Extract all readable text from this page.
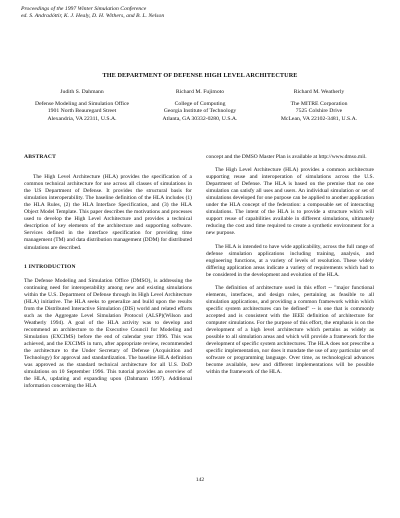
Proceedings of the 1997 Winter Simulation Conference
ed. S. Andradóttir, K. J. Healy, D. H. Withers, and B. L. Nelson
THE DEPARTMENT OF DEFENSE HIGH LEVEL ARCHITECTURE
Judith S. Dahmann
Defense Modeling and Simulation Office
1901 North Beauregard Street
Alexandria, VA 22311, U.S.A.
Richard M. Fujimoto
College of Computing
Georgia Institute of Technology
Atlanta, GA 30332-0280, U.S.A.
Richard M. Weatherly
The MITRE Corporation
7525 Colshire Drive
McLean, VA 22102-3481, U.S.A.
ABSTRACT

The High Level Architecture (HLA) provides the specification of a common technical architecture for use across all classes of simulations in the US Department of Defense. It provides the structural basis for simulation interoperability. The baseline definition of the HLA includes (1) the HLA Rules, (2) the HLA Interface Specification, and (3) the HLA Object Model Template. This paper describes the motivations and processes used to develop the High Level Architecture and provides a technical description of key elements of the architecture and supporting software. Services defined in the interface specification for providing time management (TM) and data distribution management (DDM) for distributed simulations are described.

1 INTRODUCTION

The Defense Modeling and Simulation Office (DMSO), is addressing the continuing need for interoperability among new and existing simulations within the U.S. Department of Defense through its High Level Architecture (HLA) initiative. The HLA seeks to generalize and build upon the results from the Distributed Interactive Simulation (DIS) world and related efforts such as the Aggregate Level Simulation Protocol (ALSP)(Wilson and Weatherly 1994). A goal of the HLA activity was to develop and recommend an architecture to the Executive Council for Modeling and Simulation (EXCIMS) before the end of calendar year 1996. This was achieved, and the EXCIMS in turn, after appropriate review, recommended the architecture to the Under Secretary of Defense (Acquisition and Technology) for approval and standardization. The baseline HLA definition was approved as the standard technical architecture for all U.S. DoD simulations on 10 September 1996. This tutorial provides an overview of the HLA, updating and expanding upon (Dahmann 1997). Additional information concerning the HLA

concept and the DMSO Master Plan is available at http://www.dmso.mil.

The High Level Architecture (HLA) provides a common architecture supporting reuse and interoperation of simulations across the U.S. Department of Defense. The HLA is based on the premise that no one simulation can satisfy all uses and users. An individual simulation or set of simulations developed for one purpose can be applied to another application under the HLA concept of the federation: a composable set of interacting simulations. The intent of the HLA is to provide a structure which will support reuse of capabilities available in different simulations, ultimately reducing the cost and time required to create a synthetic environment for a new purpose.

The HLA is intended to have wide applicability, across the full range of defense simulation applications including training, analysis, and engineering functions, at a variety of levels of resolution. These widely differing application areas indicate a variety of requirements which had to be considered in the development and evolution of the HLA.

The definition of architecture used in this effort -- "major functional elements, interfaces, and design rules, pertaining as feasible to all simulation applications, and providing a common framework within which specific system architectures can be defined" -- is one that is commonly accepted and is consistent with the IEEE definition of architecture for computer simulations. For the purpose of this effort, the emphasis is on the development of a high level architecture which pertains as widely as possible to all simulation areas and which will provide a framework for the development of specific system architectures. The HLA does not prescribe a specific implementation, nor does it mandate the use of any particular set of software or programming language. Over time, as technological advances become available, new and different implementations will be possible within the framework of the HLA.

142
